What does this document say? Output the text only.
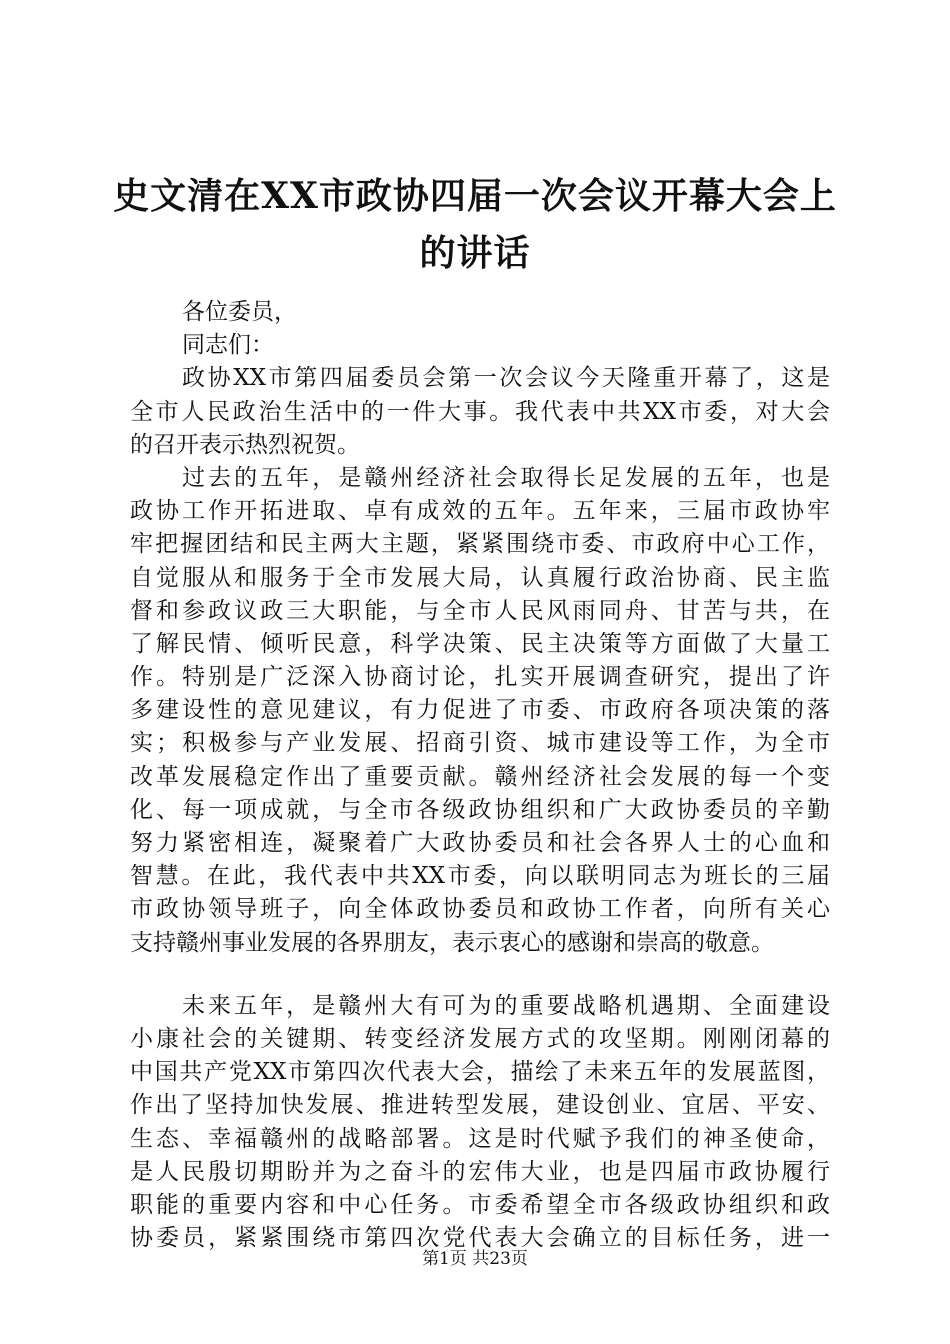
史文清在XX市政协四届一次会议开幕大会上
的讲话
各位委员，
同志们：
政协XX市第四届委员会第一次会议今天隆重开幕了，这是
全市人民政治生活中的一件大事。我代表中共XX市委，对大会
的召开表示热烈祝贺。
过去的五年，是赣州经济社会取得长足发展的五年，也是
政协工作开拓进取、卓有成效的五年。五年来，三届市政协牢
牢把握团结和民主两大主题，紧紧围绕市委、市政府中心工作，
自觉服从和服务于全市发展大局，认真履行政治协商、民主监
督和参政议政三大职能，与全市人民风雨同舟、甘苦与共，在
了解民情、倾听民意，科学决策、民主决策等方面做了大量工
作。特别是广泛深入协商讨论，扎实开展调查研究，提出了许
多建设性的意见建议，有力促进了市委、市政府各项决策的落
实；积极参与产业发展、招商引资、城市建设等工作，为全市
改革发展稳定作出了重要贡献。赣州经济社会发展的每一个变
化、每一项成就，与全市各级政协组织和广大政协委员的辛勤
努力紧密相连，凝聚着广大政协委员和社会各界人士的心血和
智慧。在此，我代表中共XX市委，向以联明同志为班长的三届
市政协领导班子，向全体政协委员和政协工作者，向所有关心
支持赣州事业发展的各界朋友，表示衷心的感谢和崇高的敬意。
未来五年，是赣州大有可为的重要战略机遇期、全面建设
小康社会的关键期、转变经济发展方式的攻坚期。刚刚闭幕的
中国共产党XX市第四次代表大会，描绘了未来五年的发展蓝图，
作出了坚持加快发展、推进转型发展，建设创业、宜居、平安、
生态、幸福赣州的战略部署。这是时代赋予我们的神圣使命，
是人民殷切期盼并为之奋斗的宏伟大业，也是四届市政协履行
职能的重要内容和中心任务。市委希望全市各级政协组织和政
协委员，紧紧围绕市第四次党代表大会确立的目标任务，进一
第1页 共23页
